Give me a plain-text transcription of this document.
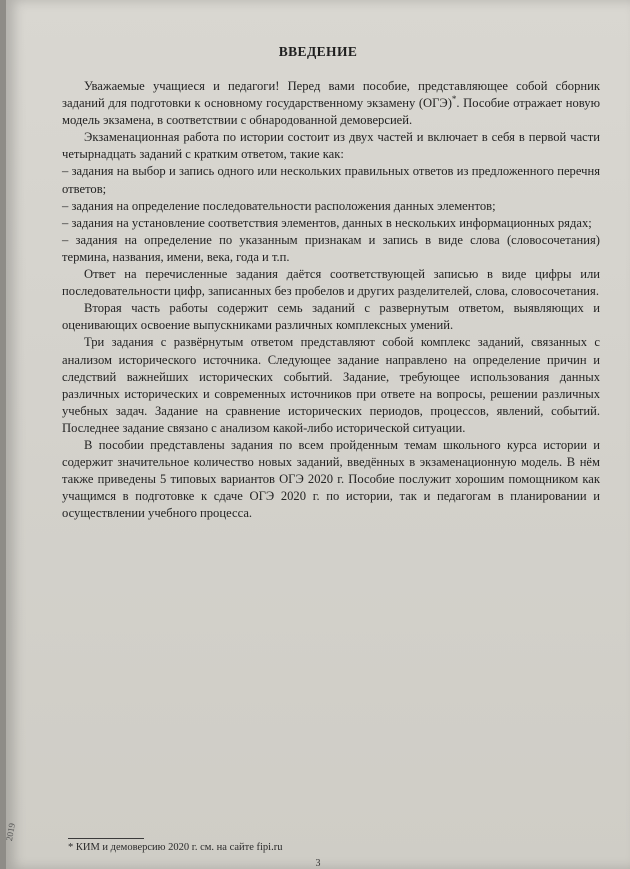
ВВЕДЕНИЕ

Уважаемые учащиеся и педагоги! Перед вами пособие, представляющее собой сборник заданий для подготовки к основному государственному экзамену (ОГЭ)*. Пособие отражает новую модель экзамена, в соответствии с обнародованной демоверсией.

Экзаменационная работа по истории состоит из двух частей и включает в себя в первой части четырнадцать заданий с кратким ответом, такие как:

– задания на выбор и запись одного или нескольких правильных ответов из предложенного перечня ответов;

– задания на определение последовательности расположения данных элементов;

– задания на установление соответствия элементов, данных в нескольких информационных рядах;

– задания на определение по указанным признакам и запись в виде слова (словосочетания) термина, названия, имени, века, года и т.п.

Ответ на перечисленные задания даётся соответствующей записью в виде цифры или последовательности цифр, записанных без пробелов и других разделителей, слова, словосочетания.

Вторая часть работы содержит семь заданий с развернутым ответом, выявляющих и оценивающих освоение выпускниками различных комплексных умений.

Три задания с развёрнутым ответом представляют собой комплекс заданий, связанных с анализом исторического источника. Следующее задание направлено на определение причин и следствий важнейших исторических событий. Задание, требующее использования данных различных исторических и современных источников при ответе на вопросы, решении различных учебных задач. Задание на сравнение исторических периодов, процессов, явлений, событий. Последнее задание связано с анализом какой-либо исторической ситуации.

В пособии представлены задания по всем пройденным темам школьного курса истории и содержит значительное количество новых заданий, введённых в экзаменационную модель. В нём также приведены 5 типовых вариантов ОГЭ 2020 г. Пособие послужит хорошим помощником как учащимся в подготовке к сдаче ОГЭ 2020 г. по истории, так и педагогам в планировании и осуществлении учебного процесса.

* КИМ и демоверсию 2020 г. см. на сайте fipi.ru
3
2019
